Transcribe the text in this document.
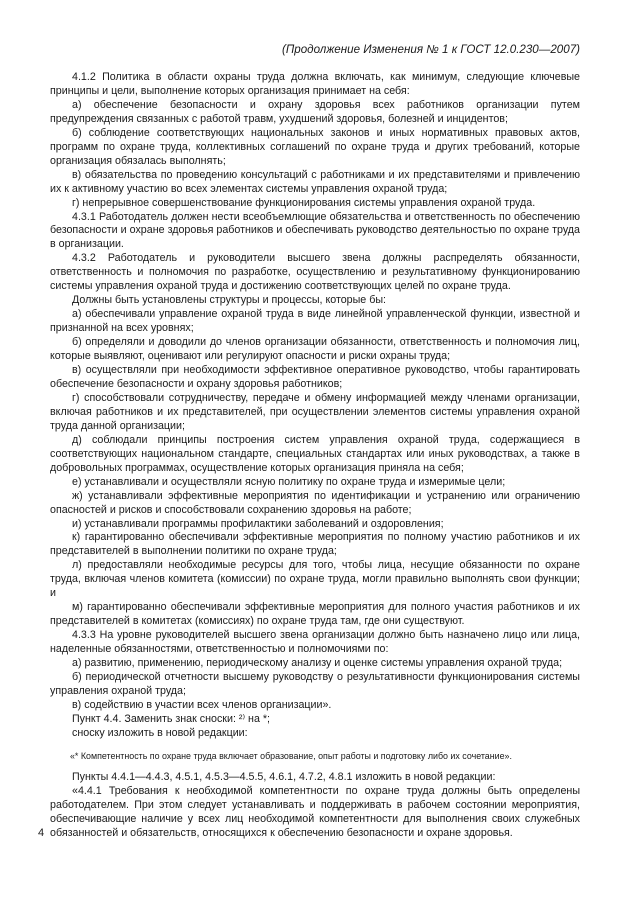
(Продолжение Изменения № 1 к ГОСТ 12.0.230—2007)

4.1.2 Политика в области охраны труда должна включать, как минимум, следующие ключевые принципы и цели, выполнение которых организация принимает на себя:

а) обеспечение безопасности и охрану здоровья всех работников организации путем предупреждения связанных с работой травм, ухудшений здоровья, болезней и инцидентов;

б) соблюдение соответствующих национальных законов и иных нормативных правовых актов, программ по охране труда, коллективных соглашений по охране труда и других требований, которые организация обязалась выполнять;

в) обязательства по проведению консультаций с работниками и их представителями и привлечению их к активному участию во всех элементах системы управления охраной труда;

г) непрерывное совершенствование функционирования системы управления охраной труда.

4.3.1 Работодатель должен нести всеобъемлющие обязательства и ответственность по обеспечению безопасности и охране здоровья работников и обеспечивать руководство деятельностью по охране труда в организации.

4.3.2 Работодатель и руководители высшего звена должны распределять обязанности, ответственность и полномочия по разработке, осуществлению и результативному функционированию системы управления охраной труда и достижению соответствующих целей по охране труда.

Должны быть установлены структуры и процессы, которые бы:

а) обеспечивали управление охраной труда в виде линейной управленческой функции, известной и признанной на всех уровнях;

б) определяли и доводили до членов организации обязанности, ответственность и полномочия лиц, которые выявляют, оценивают или регулируют опасности и риски охраны труда;

в) осуществляли при необходимости эффективное оперативное руководство, чтобы гарантировать обеспечение безопасности и охрану здоровья работников;

г) способствовали сотрудничеству, передаче и обмену информацией между членами организации, включая работников и их представителей, при осуществлении элементов системы управления охраной труда данной организации;

д) соблюдали принципы построения систем управления охраной труда, содержащиеся в соответствующих национальном стандарте, специальных стандартах или иных руководствах, а также в добровольных программах, осуществление которых организация приняла на себя;

е) устанавливали и осуществляли ясную политику по охране труда и измеримые цели;

ж) устанавливали эффективные мероприятия по идентификации и устранению или ограничению опасностей и рисков и способствовали сохранению здоровья на работе;

и) устанавливали программы профилактики заболеваний и оздоровления;

к) гарантированно обеспечивали эффективные мероприятия по полному участию работников и их представителей в выполнении политики по охране труда;

л) предоставляли необходимые ресурсы для того, чтобы лица, несущие обязанности по охране труда, включая членов комитета (комиссии) по охране труда, могли правильно выполнять свои функции; и

м) гарантированно обеспечивали эффективные мероприятия для полного участия работников и их представителей в комитетах (комиссиях) по охране труда там, где они существуют.

4.3.3 На уровне руководителей высшего звена организации должно быть назначено лицо или лица, наделенные обязанностями, ответственностью и полномочиями по:

а) развитию, применению, периодическому анализу и оценке системы управления охраной труда;

б) периодической отчетности высшему руководству о результативности функционирования системы управления охраной труда;

в) содействию в участии всех членов организации».

Пункт 4.4. Заменить знак сноски: ²⁾ на *;

сноску изложить в новой редакции:

«* Компетентность по охране труда включает образование, опыт работы и подготовку либо их сочетание».

Пункты 4.4.1—4.4.3, 4.5.1, 4.5.3—4.5.5, 4.6.1, 4.7.2, 4.8.1 изложить в новой редакции:

«4.4.1 Требования к необходимой компетентности по охране труда должны быть определены работодателем. При этом следует устанавливать и поддерживать в рабочем состоянии мероприятия, обеспечивающие наличие у всех лиц необходимой компетентности для выполнения своих служебных обязанностей и обязательств, относящихся к обеспечению безопасности и охране здоровья.

4
